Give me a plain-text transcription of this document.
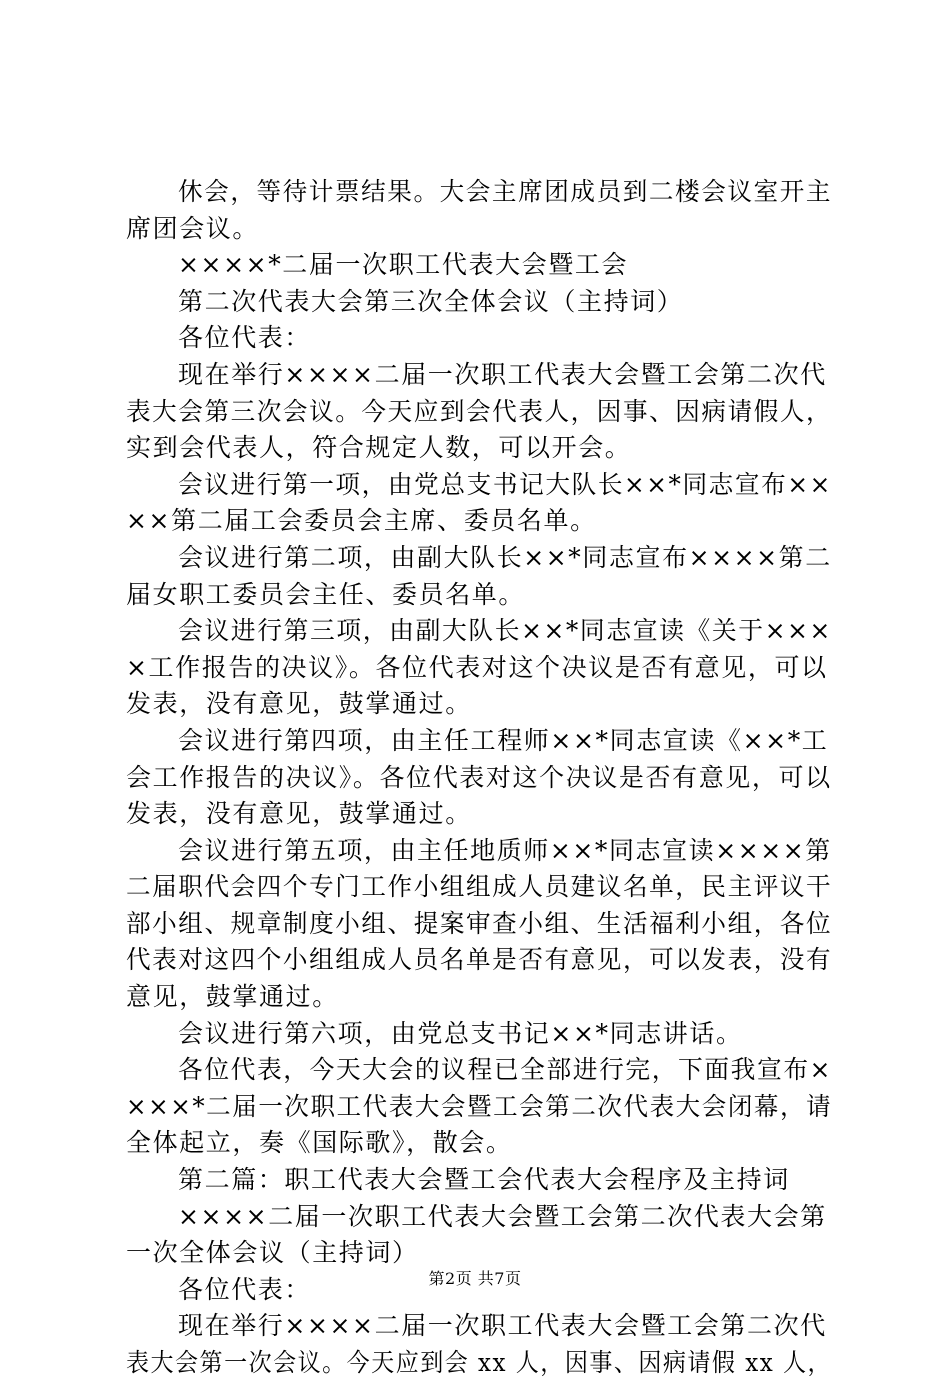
休会，等待计票结果。大会主席团成员到二楼会议室开主
席团会议。
××××*二届一次职工代表大会暨工会
第二次代表大会第三次全体会议（主持词）
各位代表：
现在举行××××二届一次职工代表大会暨工会第二次代
表大会第三次会议。今天应到会代表人，因事、因病请假人，
实到会代表人，符合规定人数，可以开会。
会议进行第一项，由党总支书记大队长××*同志宣布××
××第二届工会委员会主席、委员名单。
会议进行第二项，由副大队长××*同志宣布××××第二
届女职工委员会主任、委员名单。
会议进行第三项，由副大队长××*同志宣读《关于×××
×工作报告的决议》。各位代表对这个决议是否有意见，可以
发表，没有意见，鼓掌通过。
会议进行第四项，由主任工程师××*同志宣读《××*工
会工作报告的决议》。各位代表对这个决议是否有意见，可以
发表，没有意见，鼓掌通过。
会议进行第五项，由主任地质师××*同志宣读××××第
二届职代会四个专门工作小组组成人员建议名单，民主评议干
部小组、规章制度小组、提案审查小组、生活福利小组，各位
代表对这四个小组组成人员名单是否有意见，可以发表，没有
意见，鼓掌通过。
会议进行第六项，由党总支书记××*同志讲话。
各位代表，今天大会的议程已全部进行完，下面我宣布×
×××*二届一次职工代表大会暨工会第二次代表大会闭幕，请
全体起立，奏《国际歌》，散会。
第二篇：职工代表大会暨工会代表大会程序及主持词
××××二届一次职工代表大会暨工会第二次代表大会第
一次全体会议（主持词）
各位代表：
现在举行××××二届一次职工代表大会暨工会第二次代
表大会第一次会议。今天应到会 xx 人，因事、因病请假 xx 人，
第2页 共7页
